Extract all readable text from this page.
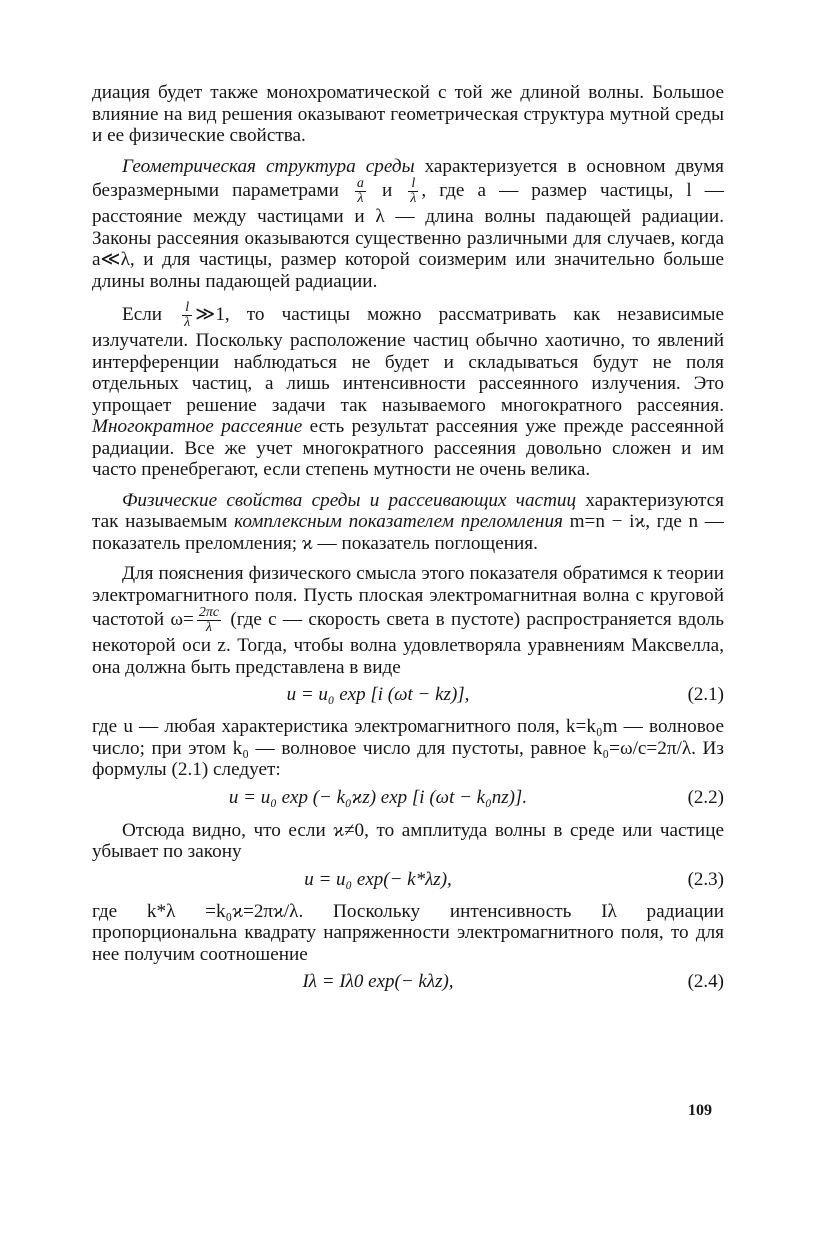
диация будет также монохроматической с той же длиной волны. Большое влияние на вид решения оказывают геометрическая структура мутной среды и ее физические свойства.

Геометрическая структура среды характеризуется в основном двумя безразмерными параметрами $\frac{a}{\lambda}$ и $\frac{l}{\lambda}$ , где a — размер частицы, l — расстояние между частицами и λ — длина волны падающей радиации. Законы рассеяния оказываются существенно различными для случаев, когда a≪λ, и для частицы, размер которой соизмерим или значительно больше длины волны падающей радиации.

Если $\frac{l}{\lambda}$ ≫1, то частицы можно рассматривать как независимые излучатели. Поскольку расположение частиц обычно хаотично, то явлений интерференции наблюдаться не будет и складываться будут не поля отдельных частиц, а лишь интенсивности рассеянного излучения. Это упрощает решение задачи так называемого многократного рассеяния. Многократное рассеяние есть результат рассеяния уже прежде рассеянной радиации. Все же учет многократного рассеяния довольно сложен и им часто пренебрегают, если степень мутности не очень велика.

Физические свойства среды и рассеивающих частиц характеризуются так называемым комплексным показателем преломления m=n − iϰ, где n — показатель преломления; ϰ — показатель поглощения.

Для пояснения физического смысла этого показателя обратимся к теории электромагнитного поля. Пусть плоская электромагнитная волна с круговой частотой $\omega= \frac{2\pi c}{\lambda} (где$ c — скорость света в пустоте) распространяется вдоль некоторой оси z. Тогда, чтобы волна удовлетворяла уравнениям Максвелла, она должна быть представлена в виде

u = u₀ exp [i (ωt − kz)],	(2.1)

где u — любая характеристика электромагнитного поля, k=k₀m — волновое число; при этом k₀ — волновое число для пустоты, равное k₀=ω/c=2π/λ. Из формулы (2.1) следует:

u = u₀ exp (− k₀ϰz) exp [i (ωt − k₀nz)].	(2.2)

Отсюда видно, что если ϰ≠0, то амплитуда волны в среде или частице убывает по закону

u = u₀ exp(− k*λz),	(2.3)

где k*λ =k₀ϰ=2πϰ/λ. Поскольку интенсивность Iλ радиации пропорциональна квадрату напряженности электромагнитного поля, то для нее получим соотношение

Iλ = Iλ0 exp(− kλz),	(2.4)
109
